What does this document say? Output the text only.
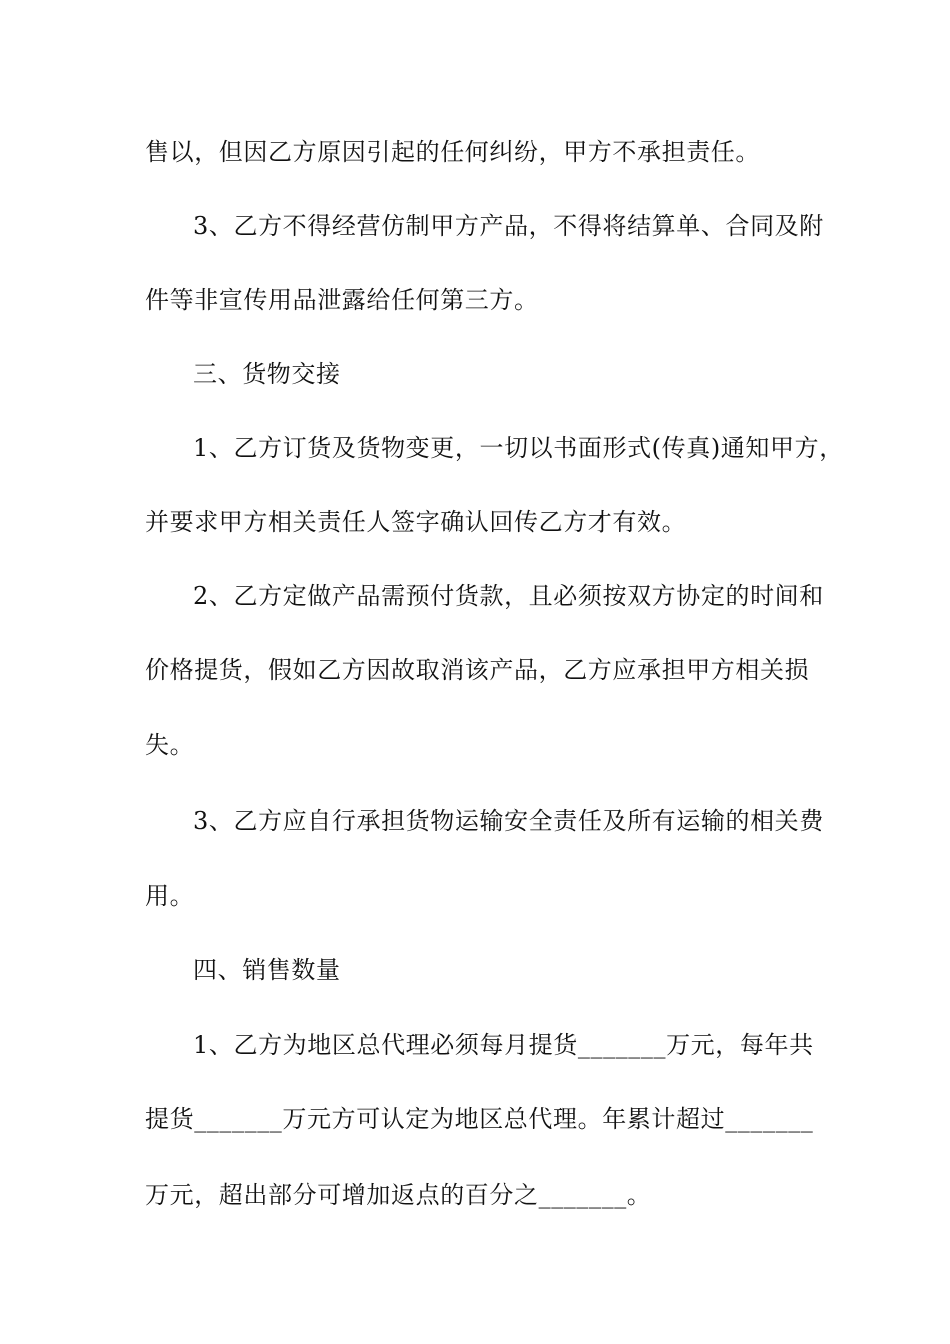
售以，但因乙方原因引起的任何纠纷，甲方不承担责任。
3、乙方不得经营仿制甲方产品，不得将结算单、合同及附
件等非宣传用品泄露给任何第三方。
三、货物交接
1、乙方订货及货物变更，一切以书面形式(传真)通知甲方，
并要求甲方相关责任人签字确认回传乙方才有效。
2、乙方定做产品需预付货款，且必须按双方协定的时间和
价格提货，假如乙方因故取消该产品，乙方应承担甲方相关损
失。
3、乙方应自行承担货物运输安全责任及所有运输的相关费
用。
四、销售数量
1、乙方为地区总代理必须每月提货_______万元，每年共
提货_______万元方可认定为地区总代理。年累计超过_______
万元，超出部分可增加返点的百分之_______。
